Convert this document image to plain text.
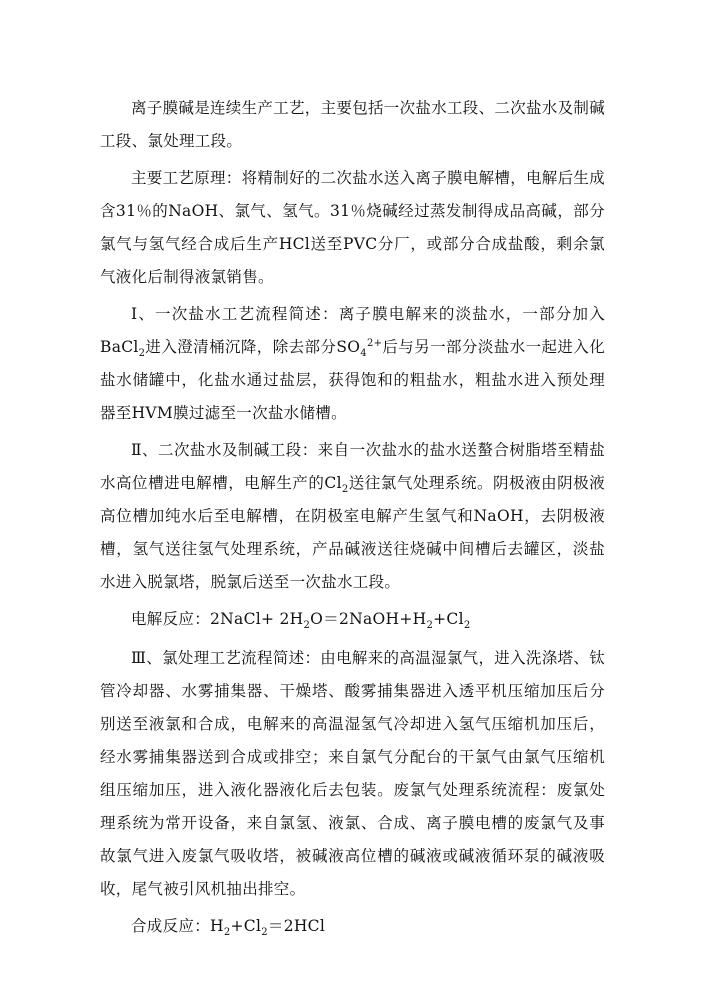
离子膜碱是连续生产工艺，主要包括一次盐水工段、二次盐水及制碱工段、氯处理工段。

主要工艺原理：将精制好的二次盐水送入离子膜电解槽，电解后生成含31％的NaOH、氯气、氢气。31％烧碱经过蒸发制得成品高碱，部分氯气与氢气经合成后生产HCl送至PVC分厂，或部分合成盐酸，剩余氯气液化后制得液氯销售。

Ⅰ、一次盐水工艺流程简述：离子膜电解来的淡盐水，一部分加入BaCl$_2$进入澄清桶沉降，除去部分$SO_4^{2+}$后与另一部分淡盐水一起进入化盐水储罐中，化盐水通过盐层，获得饱和的粗盐水，粗盐水进入预处理器至HVM膜过滤至一次盐水储槽。

Ⅱ、二次盐水及制碱工段：来自一次盐水的盐水送螯合树脂塔至精盐水高位槽进电解槽，电解生产的$Cl_2$送往氯气处理系统。阴极液由阴极液高位槽加纯水后至电解槽，在阴极室电解产生氢气和NaOH，去阴极液槽，氢气送往氢气处理系统，产品碱液送往烧碱中间槽后去罐区，淡盐水进入脱氯塔，脱氯后送至一次盐水工段。

电解反应：2NaCl+ $2H_2O=2NaOH+H_2+Cl_2$

Ⅲ、氯处理工艺流程简述：由电解来的高温湿氯气，进入洗涤塔、钛管冷却器、水雾捕集器、干燥塔、酸雾捕集器进入透平机压缩加压后分别送至液氯和合成，电解来的高温湿氢气冷却进入氢气压缩机加压后，经水雾捕集器送到合成或排空；来自氯气分配台的干氯气由氯气压缩机组压缩加压，进入液化器液化后去包装。废氯气处理系统流程：废氯处理系统为常开设备，来自氯氢、液氯、合成、离子膜电槽的废氯气及事故氯气进入废氯气吸收塔，被碱液高位槽的碱液或碱液循环泵的碱液吸收，尾气被引风机抽出排空。

合成反应：$H_2+Cl_2=2HCl$
